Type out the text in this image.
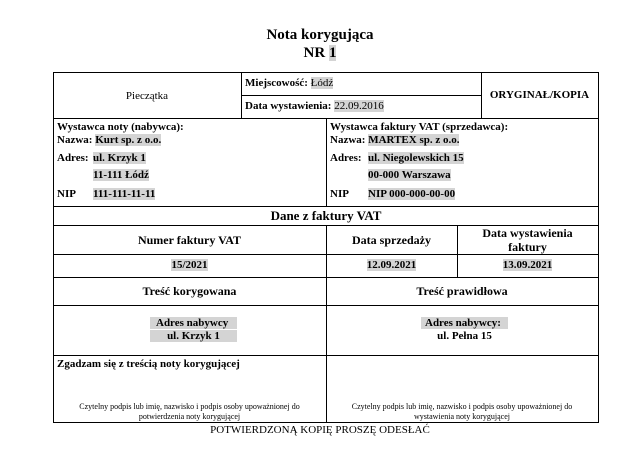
Nota korygująca
NR 1
Pieczątka
Miejscowość: Łódź
Data wystawienia: 22.09.2016
ORYGINAŁ/KOPIA
Wystawca noty (nabywca):
Nazwa: Kurt sp. z o.o.
Adres: ul. Krzyk 1
11-111 Łódź
NIP 111-111-11-11
Wystawca faktury VAT (sprzedawca):
Nazwa: MARTEX sp. z o.o.
Adres: ul. Niegolewskich 15
00-000 Warszawa
NIP NIP 000-000-00-00
Dane z faktury VAT
Numer faktury VAT	Data sprzedaży	Data wystawienia
faktury
15/2021	12.09.2021	13.09.2021
Treść korygowana	Treść prawidłowa
Adres nabywcy
ul. Krzyk 1
Adres nabywcy:
ul. Pełna 15
Zgadzam się z treścią noty korygującej
Czytelny podpis lub imię, nazwisko i podpis osoby upoważnionej do
potwierdzenia noty korygującej
Czytelny podpis lub imię, nazwisko i podpis osoby upoważnionej do
wystawienia noty korygującej
POTWIERDZONĄ KOPIĘ PROSZĘ ODESŁAĆ
